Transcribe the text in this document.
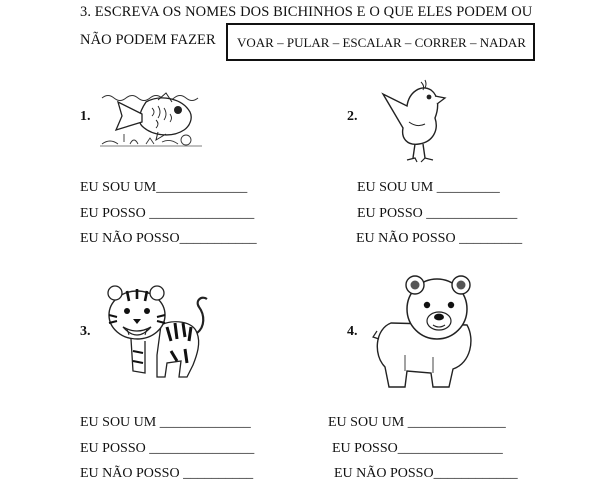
3. ESCREVA OS NOMES DOS BICHINHOS E O QUE ELES PODEM OU
NÃO PODEM FAZER VOAR – PULAR – ESCALAR – CORRER – NADAR
1.
EU SOU UM_____________
EU POSSO _______________
EU NÃO POSSO___________
2.
EU SOU UM _________
EU POSSO _____________
EU NÃO POSSO _________
3.
EU SOU UM _____________
EU POSSO _______________
EU NÃO POSSO __________
4.
EU SOU UM ______________
EU POSSO_______________
EU NÃO POSSO____________
